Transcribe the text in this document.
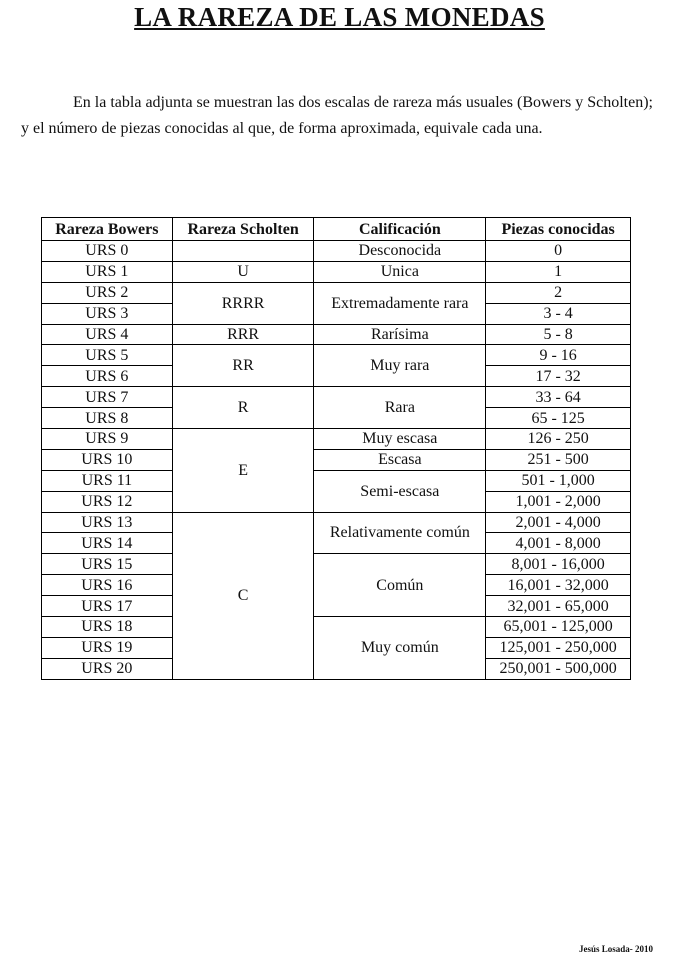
LA RAREZA DE LAS MONEDAS

En la tabla adjunta se muestran las dos escalas de rareza más usuales (Bowers y Scholten); y el número de piezas conocidas al que, de forma aproximada, equivale cada una.

Rareza Bowers	Rareza Scholten	Calificación	Piezas conocidas
URS 0		Desconocida	0
URS 1	U	Unica	1
URS 2	RRRR	Extremadamente rara	2
URS 3			3 - 4
URS 4	RRR	Rarísima	5 - 8
URS 5	RR	Muy rara	9 - 16
URS 6			17 - 32
URS 7	R	Rara	33 - 64
URS 8			65 - 125
URS 9	E	Muy escasa	126 - 250
URS 10		Escasa	251 - 500
URS 11		Semi-escasa	501 - 1,000
URS 12			1,001 - 2,000
URS 13	C	Relativamente común	2,001 - 4,000
URS 14			4,001 - 8,000
URS 15		Común	8,001 - 16,000
URS 16			16,001 - 32,000
URS 17			32,001 - 65,000
URS 18		Muy común	65,001 - 125,000
URS 19			125,001 - 250,000
URS 20			250,001 - 500,000
Jesús Losada- 2010
